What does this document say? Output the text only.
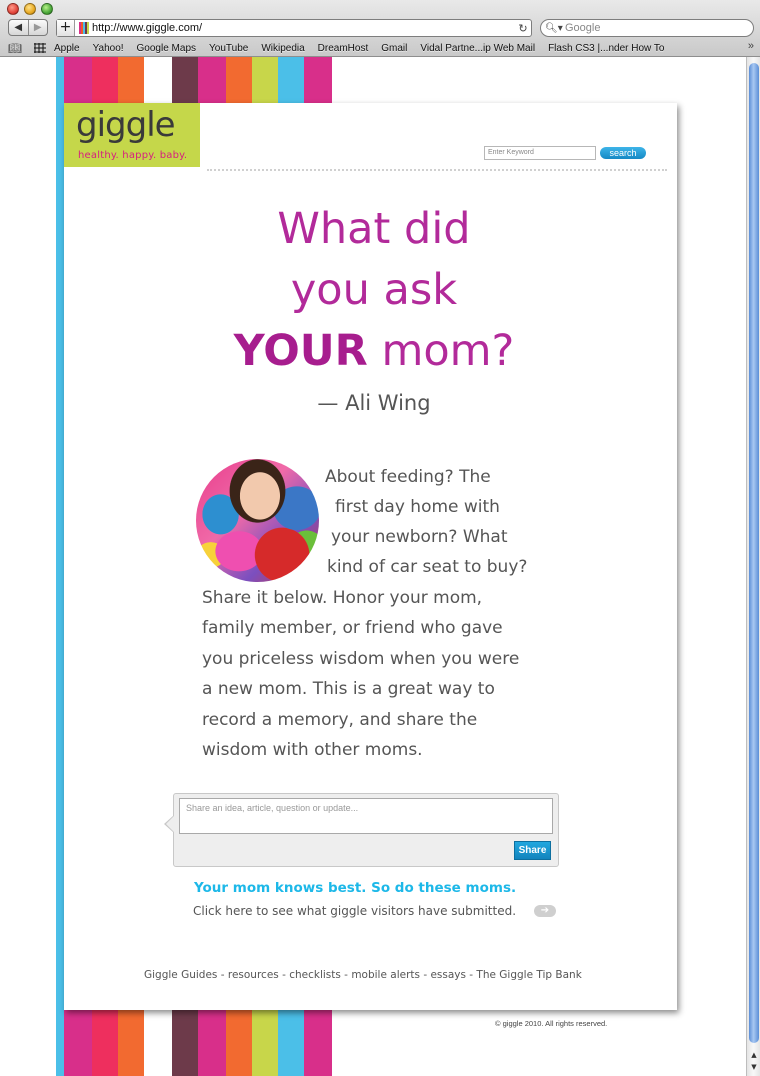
◀	▶	+	http://www.giggle.com/	↻	🔍︎▾ Google
📖︎	Apple Yahoo! Google Maps YouTube Wikipedia DreamHost Gmail Vidal Partne...ip Web Mail Flash CS3 |...nder How To	»
giggle
healthy. happy. baby.	Enter Keyword	search
What did
you ask
YOUR mom?
— Ali Wing
About feeding? The
first day home with
your newborn? What
kind of car seat to buy?
Share it below. Honor your mom,
family member, or friend who gave
you priceless wisdom when you were
a new mom. This is a great way to
record a memory, and share the
wisdom with other moms.
Share an idea, article, question or update...
Share
Your mom knows best. So do these moms.
Click here to see what giggle visitors have submitted.	➔
Giggle Guides - resources - checklists - mobile alerts - essays - The Giggle Tip Bank
© giggle 2010. All rights reserved.
▲
▼
